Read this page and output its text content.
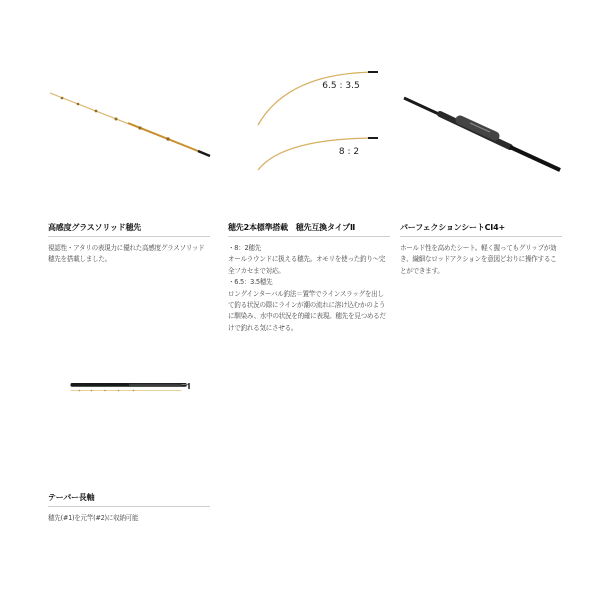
高感度グラスソリッド穂先
視認性・アタリの表現力に優れた高感度グラスソリッド穂先を搭載しました。
6.5 : 3.5
8 : 2
穂先2本標準搭載　穂先互換タイプⅡ
・8：2穂先
オールラウンドに扱える穂先。オモリを使った釣り～完全フカセまで対応。
・6.5：3.5穂先
ロングインターバル釣法＝置竿でラインスラッグを出して釣る状況の際にラインが潮の流れに溶け込むかのように馴染み、水中の状況を的確に表現。穂先を見つめるだけで釣れる気にさせる。
パーフェクションシートCI4+
ホールド性を高めたシート。軽く握ってもグリップが効き、繊細なロッドアクションを意図どおりに操作することができます。
テーパー長軸
穂先(#1)を元竿(#2)に収納可能
